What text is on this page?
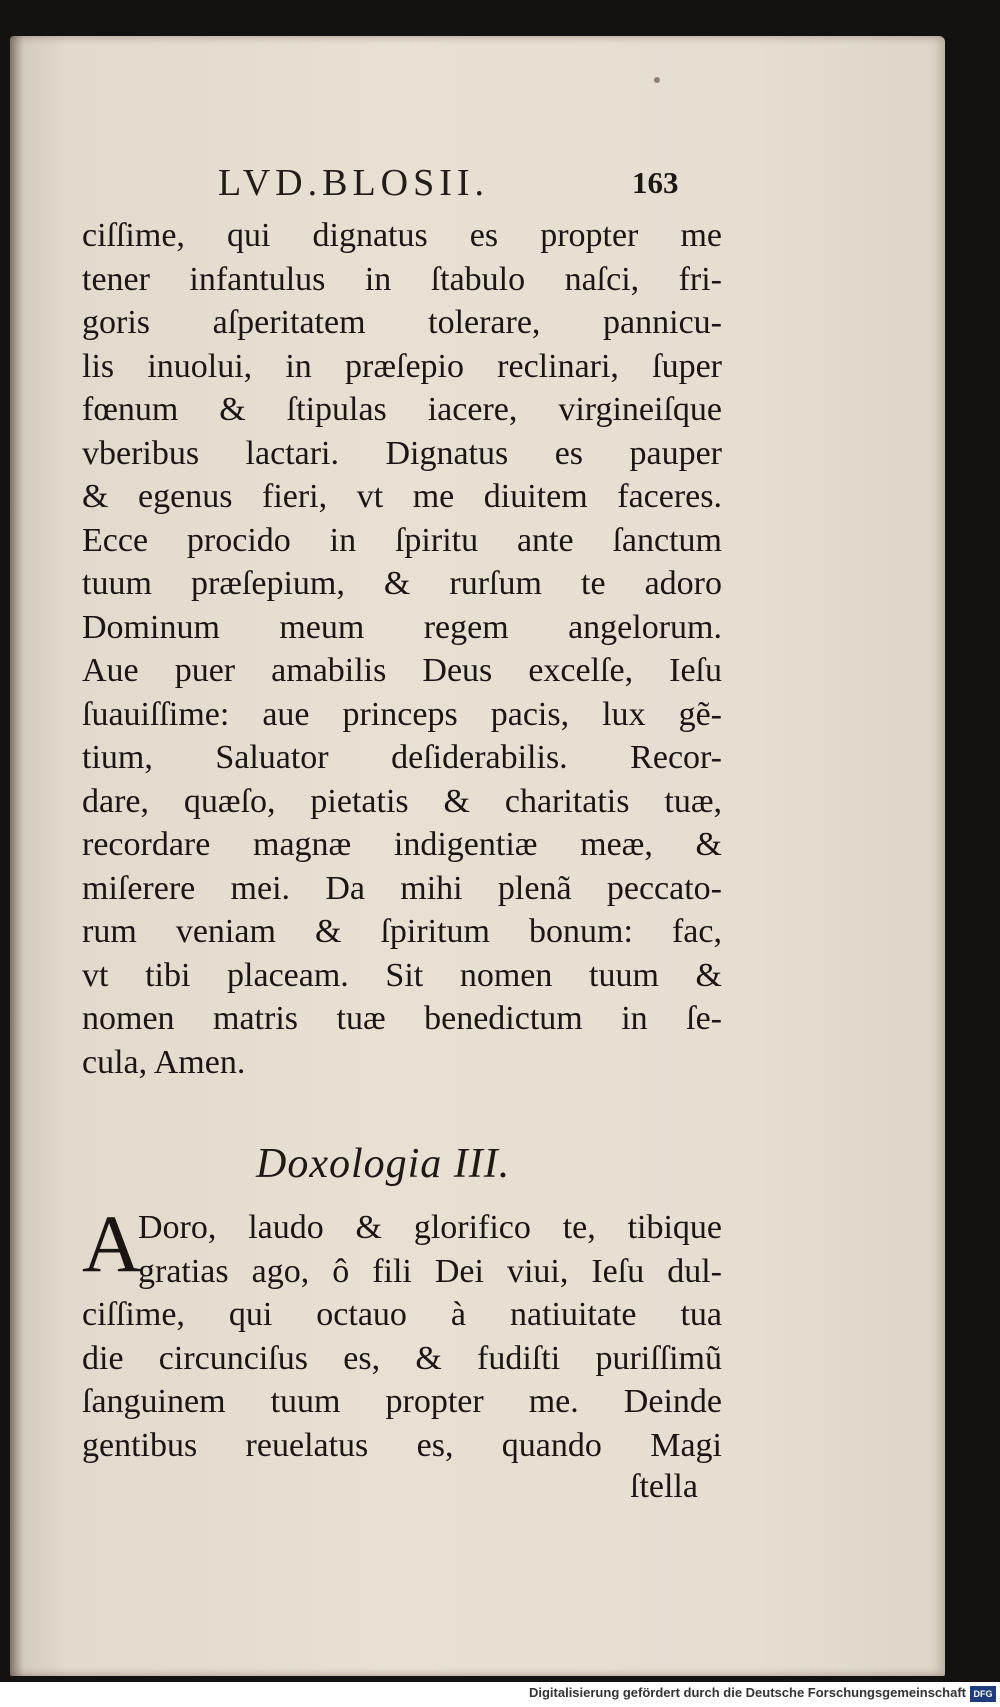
LVD.BLOSII.	163
ciſſime, qui dignatus es propter me
tener infantulus in ſtabulo naſci, fri-
goris aſperitatem tolerare, pannicu-
lis inuolui, in præſepio reclinari, ſuper
fœnum & ſtipulas iacere, virgineiſque
vberibus lactari. Dignatus es pauper
& egenus fieri, vt me diuitem faceres.
Ecce procido in ſpiritu ante ſanctum
tuum præſepium, & rurſum te adoro
Dominum meum regem angelorum.
Aue puer amabilis Deus excelſe, Ieſu
ſuauiſſime: aue princeps pacis, lux gẽ-
tium, Saluator deſiderabilis. Recor-
dare, quæſo, pietatis & charitatis tuæ,
recordare magnæ indigentiæ meæ, &
miſerere mei. Da mihi plenã peccato-
rum veniam & ſpiritum bonum: fac,
vt tibi placeam. Sit nomen tuum &
nomen matris tuæ benedictum in ſe-
cula, Amen.
Doxologia III.
A
Doro, laudo & glorifico te, tibique
gratias ago, ô fili Dei viui, Ieſu dul-
ciſſime, qui octauo à natiuitate tua
die circunciſus es, & fudiſti puriſſimũ
ſanguinem tuum propter me. Deinde
gentibus reuelatus es, quando Magi
ſtella
Digitalisierung gefördert durch die Deutsche Forschungsgemeinschaft DFG
